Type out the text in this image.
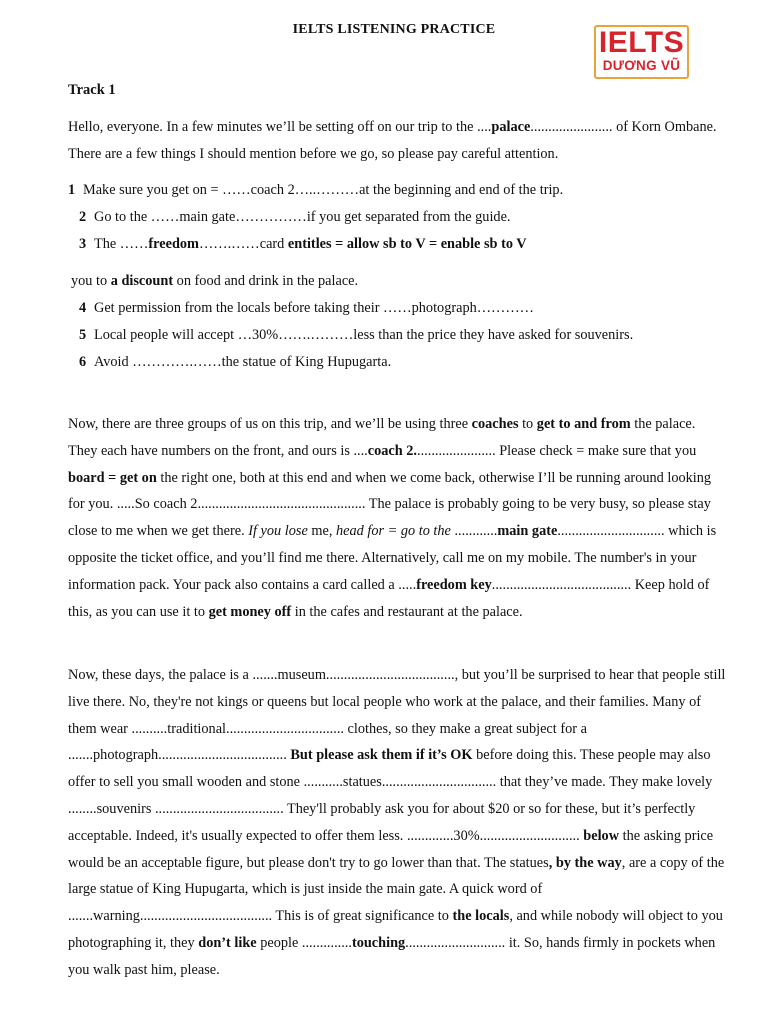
IELTS LISTENING PRACTICE	IELTS
DƯƠNG VŨ
Track 1
Hello, everyone. In a few minutes we’ll be setting off on our trip to the ....palace....................... of Korn Ombane. There are a few things I should mention before we go, so please pay careful attention.
1 Make sure you get on = ……coach 2…..………at the beginning and end of the trip.
2 Go to the ……main gate……………if you get separated from the guide.
3 The ……freedom…….……card entitles = allow sb to V = enable sb to V
you to a discount on food and drink in the palace.
4 Get permission from the locals before taking their ……photograph…………
5 Local people will accept …30%…….………less than the price they have asked for souvenirs.
6 Avoid ………….……the statue of King Hupugarta.
Now, there are three groups of us on this trip, and we’ll be using three coaches to get to and from the palace. They each have numbers on the front, and ours is ....coach 2....................... Please check = make sure that you board = get on the right one, both at this end and when we come back, otherwise I’ll be running around looking for you. .....So coach 2............................................... The palace is probably going to be very busy, so please stay close to me when we get there. If you lose me, head for = go to the ............main gate.............................. which is opposite the ticket office, and you’ll find me there. Alternatively, call me on my mobile. The number's in your information pack. Your pack also contains a card called a .....freedom key....................................... Keep hold of this, as you can use it to get money off in the cafes and restaurant at the palace.
Now, these days, the palace is a .......museum...................................., but you’ll be surprised to hear that people still live there. No, they're not kings or queens but local people who work at the palace, and their families. Many of them wear ..........traditional................................. clothes, so they make a great subject for a .......photograph.................................... But please ask them if it’s OK before doing this. These people may also offer to sell you small wooden and stone ...........statues................................ that they’ve made. They make lovely ........souvenirs .................................... They'll probably ask you for about $20 or so for these, but it’s perfectly acceptable. Indeed, it's usually expected to offer them less. .............30%............................ below the asking price would be an acceptable figure, but please don't try to go lower than that. The statues, by the way, are a copy of the large statue of King Hupugarta, which is just inside the main gate. A quick word of .......warning..................................... This is of great significance to the locals, and while nobody will object to you photographing it, they don’t like people ..............touching............................ it. So, hands firmly in pockets when you walk past him, please.
